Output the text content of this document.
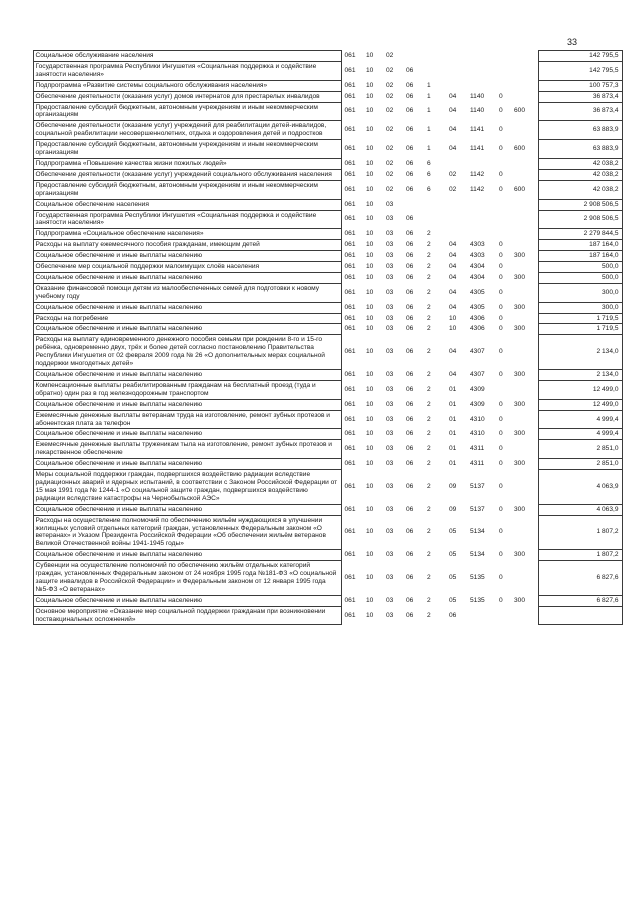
33
	Социальное обслуживание населения	061	10	02							142 795,5
	Государственная программа Республики Ингушетия «Социальная поддержка и содействие занятости населения»	061	10	02	06						142 795,5
	Подпрограмма «Развитие системы социального обслуживания населения»	061	10	02	06	1					100 757,3
	Обеспечение деятельности (оказания услуг) домов интернатов для престарелых инвалидов	061	10	02	06	1	04	1140	0		36 873,4
	Предоставление субсидий бюджетным, автономным учреждениям и иным некоммерческим организациям	061	10	02	06	1	04	1140	0	600	36 873,4
	Обеспечение деятельности (оказание услуг) учреждений для реабилитации детей-инвалидов, социальной реабилитации несовершеннолетних, отдыха и оздоровления детей и подростков	061	10	02	06	1	04	1141	0		63 883,9
	Предоставление субсидий бюджетным, автономным учреждениям и иным некоммерческим организациям	061	10	02	06	1	04	1141	0	600	63 883,9
	Подпрограмма «Повышение качества жизни пожилых людей»	061	10	02	06	6					42 038,2
	Обеспечение деятельности (оказание услуг) учреждений социального обслуживания населения	061	10	02	06	6	02	1142	0		42 038,2
	Предоставление субсидий бюджетным, автономным учреждениям и иным некоммерческим организациям	061	10	02	06	6	02	1142	0	600	42 038,2
	Социальное обеспечение населения	061	10	03							2 908 506,5
	Государственная программа Республики Ингушетия «Социальная поддержка и содействие занятости населения»	061	10	03	06						2 908 506,5
	Подпрограмма «Социальное обеспечение населения»	061	10	03	06	2					2 279 844,5
	Расходы на выплату ежемесячного пособия гражданам, имеющим детей	061	10	03	06	2	04	4303	0		187 164,0
	Социальное обеспечение и иные выплаты населению	061	10	03	06	2	04	4303	0	300	187 164,0
	Обеспечение мер социальной поддержки малоимущих слоёв населения	061	10	03	06	2	04	4304	0		500,0
	Социальное обеспечение и иные выплаты населению	061	10	03	06	2	04	4304	0	300	500,0
	Оказание финансовой помощи детям из малообеспеченных семей для подготовки к новому учебному году	061	10	03	06	2	04	4305	0		300,0
	Социальное обеспечение и иные выплаты населению	061	10	03	06	2	04	4305	0	300	300,0
	Расходы на погребение	061	10	03	06	2	10	4306	0		1 719,5
	Социальное обеспечение и иные выплаты населению	061	10	03	06	2	10	4306	0	300	1 719,5
	Расходы на выплату единовременного денежного пособия семьям при рождении 8-го и 15-го ребёнка, одновременно двух, трёх и более детей согласно постановлению Правительства Республики Ингушетия от 02 февраля 2009 года № 26 «О дополнительных мерах социальной поддержки многодетных детей»	061	10	03	06	2	04	4307	0		2 134,0
	Социальное обеспечение и иные выплаты населению	061	10	03	06	2	04	4307	0	300	2 134,0
	Компенсационные выплаты реабилитированным гражданам на бесплатный проезд (туда и обратно) один раз в год железнодорожным транспортом	061	10	03	06	2	01	4309			12 499,0
	Социальное обеспечение и иные выплаты населению	061	10	03	06	2	01	4309	0	300	12 499,0
	Ежемесячные денежные выплаты ветеранам труда на изготовление, ремонт зубных протезов и абонентская плата за телефон	061	10	03	06	2	01	4310	0		4 999,4
	Социальное обеспечение и иные выплаты населению	061	10	03	06	2	01	4310	0	300	4 999,4
	Ежемесячные денежные выплаты труженикам тыла на изготовление, ремонт зубных протезов и лекарственное обеспечение	061	10	03	06	2	01	4311	0		2 851,0
	Социальное обеспечение и иные выплаты населению	061	10	03	06	2	01	4311	0	300	2 851,0
	Меры социальной поддержки граждан, подвергшихся воздействию радиации вследствие радиационных аварий и ядерных испытаний, в соответствии с Законом Российской Федерации от 15 мая 1991 года № 1244-1 «О социальной защите граждан, подвергшихся воздействию радиации вследствие катастрофы на Чернобыльской АЭС»	061	10	03	06	2	09	5137	0		4 063,9
	Социальное обеспечение и иные выплаты населению	061	10	03	06	2	09	5137	0	300	4 063,9
	Расходы на осуществление полномочий по обеспечению жильём нуждающихся в улучшении жилищных условий отдельных категорий граждан, установленных Федеральным законом «О ветеранах» и Указом Президента Российской Федерации «Об обеспечении жильём ветеранов Великой Отечественной войны 1941-1945 годы»	061	10	03	06	2	05	5134	0		1 807,2
	Социальное обеспечение и иные выплаты населению	061	10	03	06	2	05	5134	0	300	1 807,2
	Субвенции на осуществление полномочий по обеспечению жильём отдельных категорий граждан, установленных Федеральным законом от 24 ноября 1995 года №181-ФЗ «О социальной защите инвалидов в Российской Федерации» и Федеральным законом от 12 января 1995 года №5-ФЗ «О ветеранах»	061	10	03	06	2	05	5135	0		6 827,6
	Социальное обеспечение и иные выплаты населению	061	10	03	06	2	05	5135	0	300	6 827,6
	Основное мероприятие «Оказание мер социальной поддержки гражданам при возникновении поствакцинальных осложнений»	061	10	03	06	2	06				
